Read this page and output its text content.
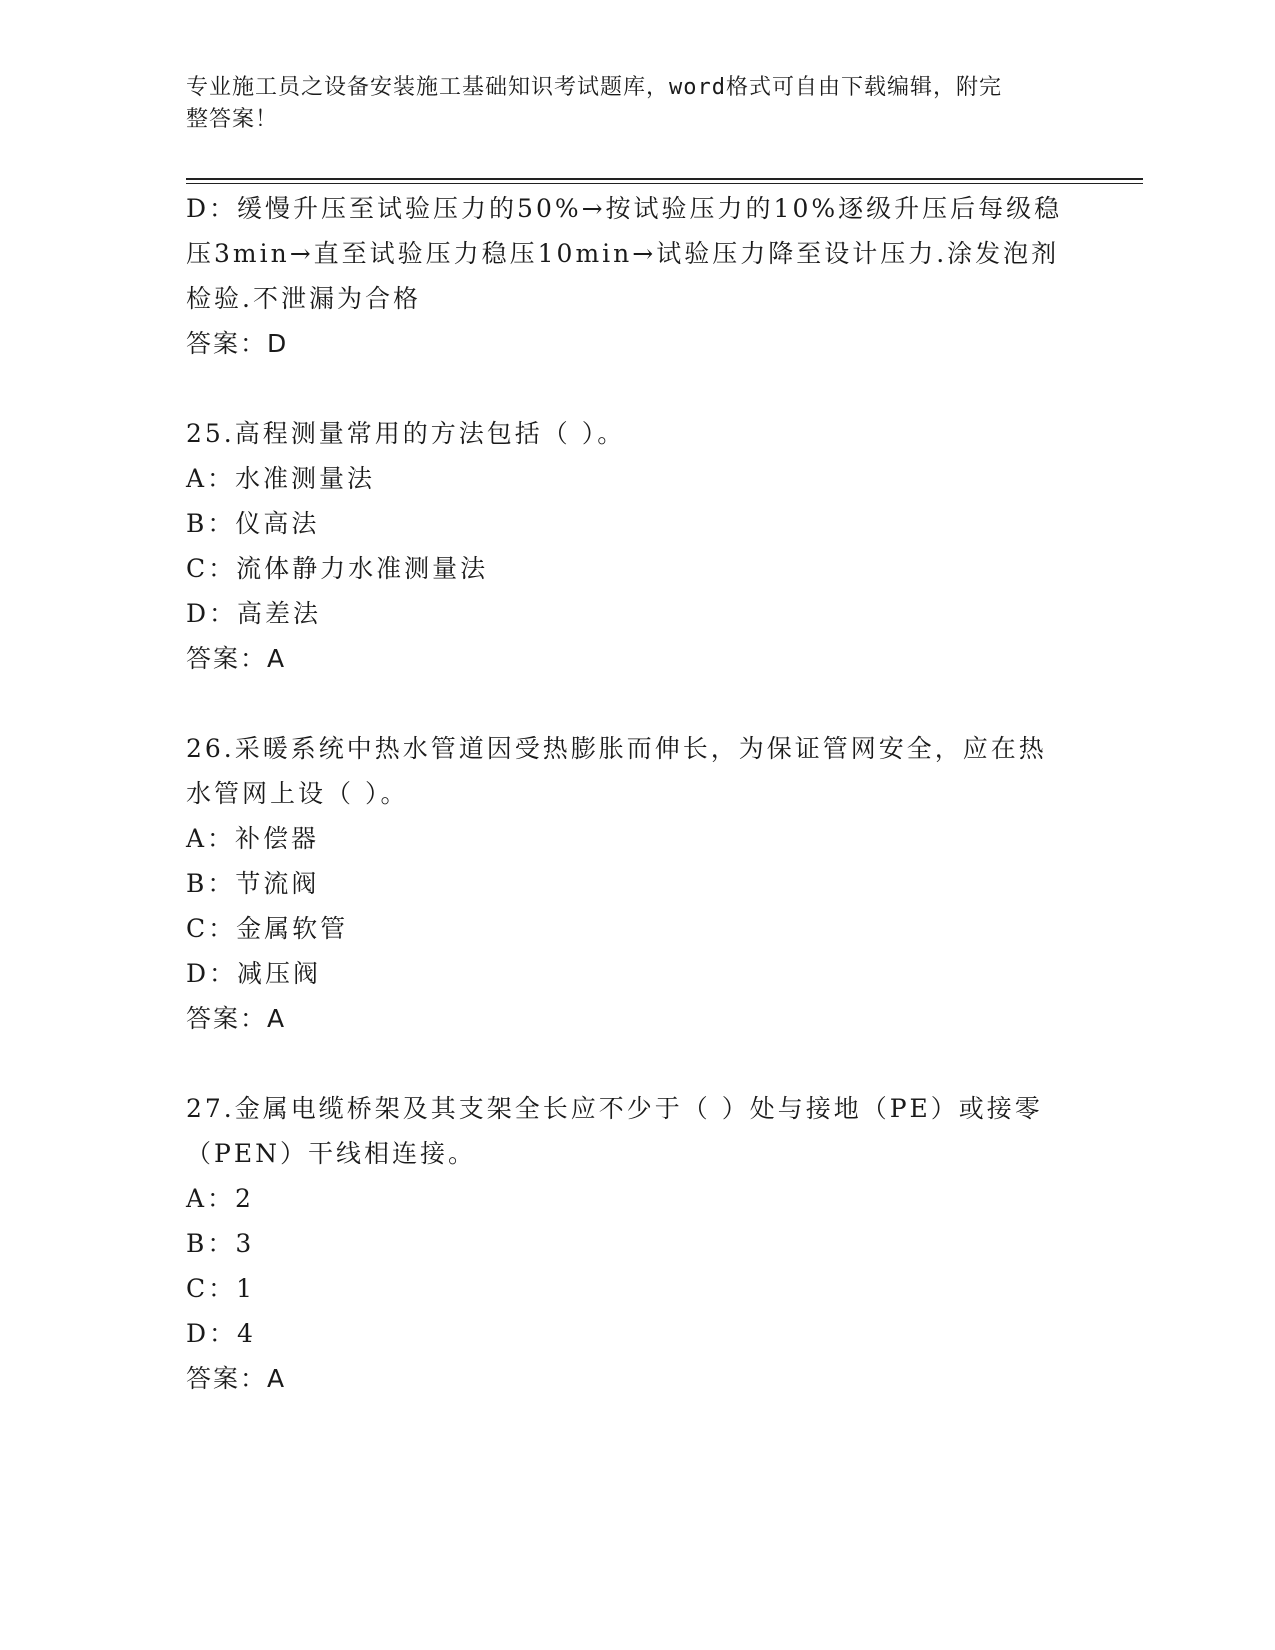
专业施工员之设备安装施工基础知识考试题库，word格式可自由下载编辑，附完
整答案！
D：缓慢升压至试验压力的50%→按试验压力的10%逐级升压后每级稳
压3min→直至试验压力稳压10min→试验压力降至设计压力.涂发泡剂
检验.不泄漏为合格
答案：D
25.高程测量常用的方法包括（ ）。
A：水准测量法
B：仪高法
C：流体静力水准测量法
D：高差法
答案：A
26.采暖系统中热水管道因受热膨胀而伸长，为保证管网安全，应在热
水管网上设（ ）。
A：补偿器
B：节流阀
C：金属软管
D：减压阀
答案：A
27.金属电缆桥架及其支架全长应不少于（ ）处与接地（PE）或接零
（PEN）干线相连接。
A：2
B：3
C：1
D：4
答案：A
